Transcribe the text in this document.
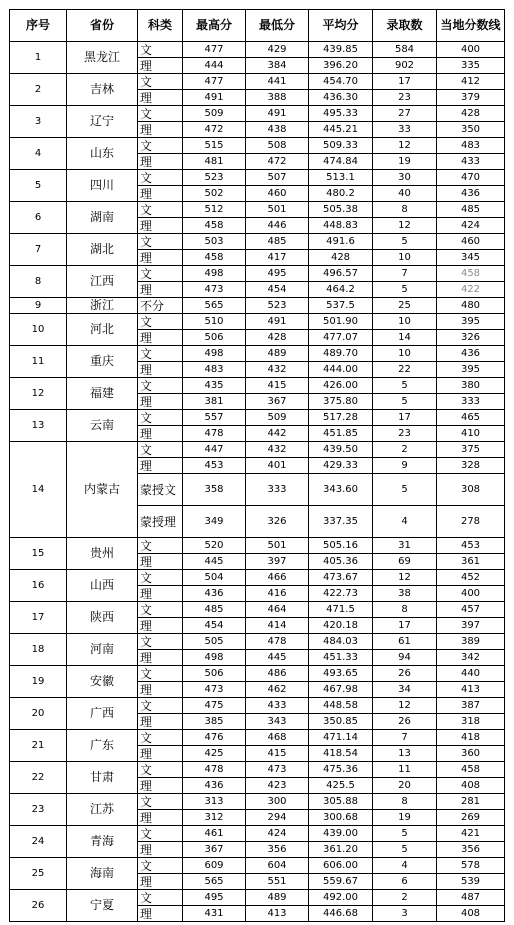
序号	省份	科类	最高分	最低分	平均分	录取数	当地分数线
1	黑龙江	文	477	429	439.85	584	400
		理	444	384	396.20	902	335
2	吉林	文	477	441	454.70	17	412
		理	491	388	436.30	23	379
3	辽宁	文	509	491	495.33	27	428
		理	472	438	445.21	33	350
4	山东	文	515	508	509.33	12	483
		理	481	472	474.84	19	433
5	四川	文	523	507	513.1	30	470
		理	502	460	480.2	40	436
6	湖南	文	512	501	505.38	8	485
		理	458	446	448.83	12	424
7	湖北	文	503	485	491.6	5	460
		理	458	417	428	10	345
8	江西	文	498	495	496.57	7	458
		理	473	454	464.2	5	422
9	浙江	不分	565	523	537.5	25	480
10	河北	文	510	491	501.90	10	395
		理	506	428	477.07	14	326
11	重庆	文	498	489	489.70	10	436
		理	483	432	444.00	22	395
12	福建	文	435	415	426.00	5	380
		理	381	367	375.80	5	333
13	云南	文	557	509	517.28	17	465
		理	478	442	451.85	23	410
14	内蒙古	文	447	432	439.50	2	375
		理	453	401	429.33	9	328
		蒙授文	358	333	343.60	5	308
		蒙授理	349	326	337.35	4	278
15	贵州	文	520	501	505.16	31	453
		理	445	397	405.36	69	361
16	山西	文	504	466	473.67	12	452
		理	436	416	422.73	38	400
17	陕西	文	485	464	471.5	8	457
		理	454	414	420.18	17	397
18	河南	文	505	478	484.03	61	389
		理	498	445	451.33	94	342
19	安徽	文	506	486	493.65	26	440
		理	473	462	467.98	34	413
20	广西	文	475	433	448.58	12	387
		理	385	343	350.85	26	318
21	广东	文	476	468	471.14	7	418
		理	425	415	418.54	13	360
22	甘肃	文	478	473	475.36	11	458
		理	436	423	425.5	20	408
23	江苏	文	313	300	305.88	8	281
		理	312	294	300.68	19	269
24	青海	文	461	424	439.00	5	421
		理	367	356	361.20	5	356
25	海南	文	609	604	606.00	4	578
		理	565	551	559.67	6	539
26	宁夏	文	495	489	492.00	2	487
		理	431	413	446.68	3	408
